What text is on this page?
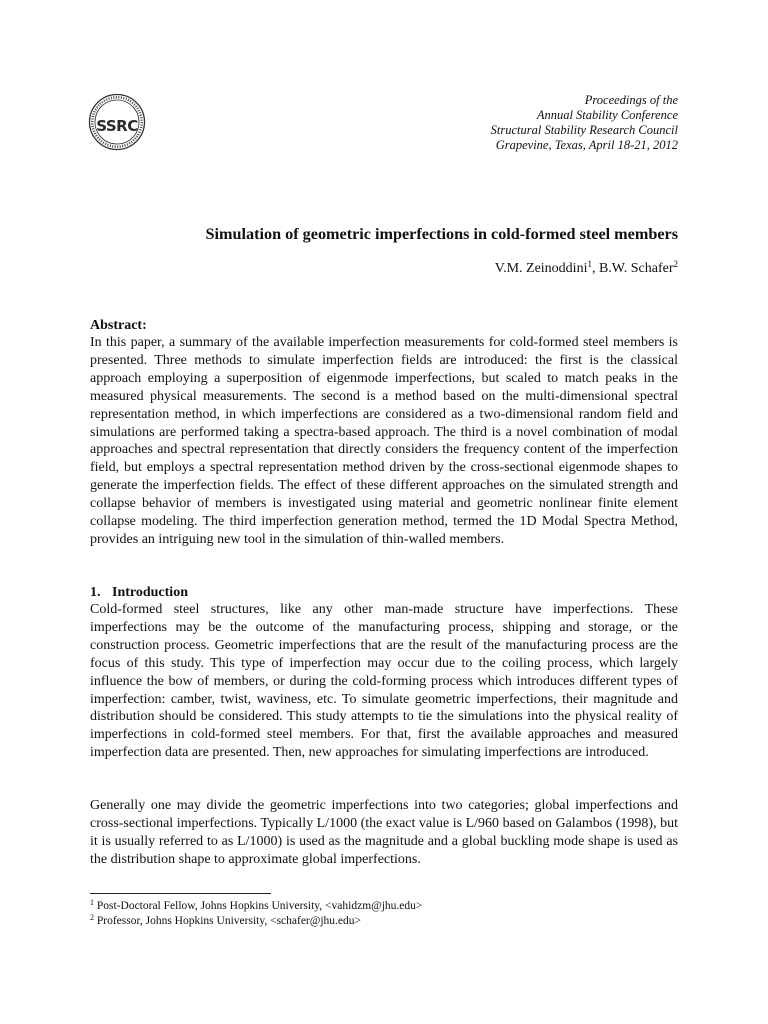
SSRC
Proceedings of the
Annual Stability Conference
Structural Stability Research Council
Grapevine, Texas, April 18-21, 2012
Simulation of geometric imperfections in cold-formed steel members
V.M. Zeinoddini$^1$, B.W. Schafer$^2$
Abstract:
In this paper, a summary of the available imperfection measurements for cold-formed steel members is presented. Three methods to simulate imperfection fields are introduced: the first is the classical approach employing a superposition of eigenmode imperfections, but scaled to match peaks in the measured physical measurements. The second is a method based on the multi-dimensional spectral representation method, in which imperfections are considered as a two-dimensional random field and simulations are performed taking a spectra-based approach. The third is a novel combination of modal approaches and spectral representation that directly considers the frequency content of the imperfection field, but employs a spectral representation method driven by the cross-sectional eigenmode shapes to generate the imperfection fields. The effect of these different approaches on the simulated strength and collapse behavior of members is investigated using material and geometric nonlinear finite element collapse modeling. The third imperfection generation method, termed the 1D Modal Spectra Method, provides an intriguing new tool in the simulation of thin-walled members.
1. Introduction
Cold-formed steel structures, like any other man-made structure have imperfections. These imperfections may be the outcome of the manufacturing process, shipping and storage, or the construction process. Geometric imperfections that are the result of the manufacturing process are the focus of this study. This type of imperfection may occur due to the coiling process, which largely influence the bow of members, or during the cold-forming process which introduces different types of imperfection: camber, twist, waviness, etc. To simulate geometric imperfections, their magnitude and distribution should be considered. This study attempts to tie the simulations into the physical reality of imperfections in cold-formed steel members. For that, first the available approaches and measured imperfection data are presented. Then, new approaches for simulating imperfections are introduced.
Generally one may divide the geometric imperfections into two categories; global imperfections and cross-sectional imperfections. Typically L/1000 (the exact value is L/960 based on Galambos (1998), but it is usually referred to as L/1000) is used as the magnitude and a global buckling mode shape is used as the distribution shape to approximate global imperfections.
$^1$ Post-Doctoral Fellow, Johns Hopkins University, <vahidzm@jhu.edu>
$^2$ Professor, Johns Hopkins University, <schafer@jhu.edu>
